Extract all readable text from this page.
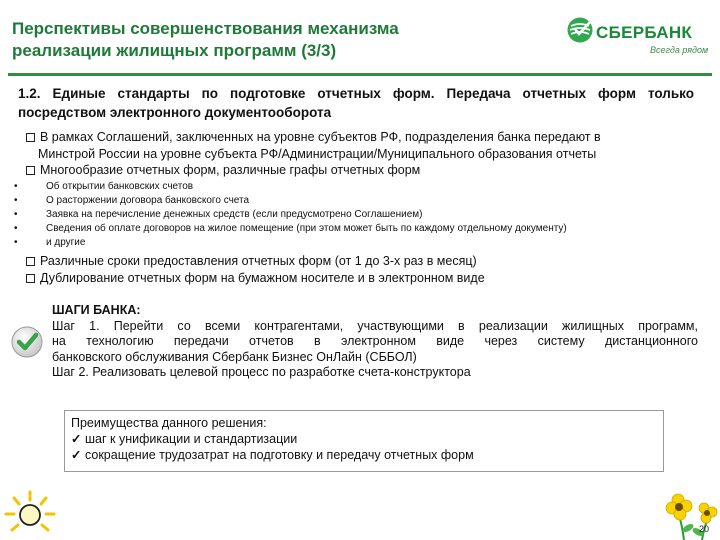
Перспективы совершенствования механизма
реализации жилищных программ (3/3)
СБЕРБАНК
Всегда рядом
1.2. Единые стандарты по подготовке отчетных форм. Передача отчетных форм только посредством электронного документооборота
В рамках Соглашений, заключенных на уровне субъектов РФ, подразделения банка передают в
Минстрой России на уровне субъекта РФ/Администрации/Муниципального образования отчеты
Многообразие отчетных форм, различные графы отчетных форм
•	Об открытии банковских счетов
•	О расторжении договора банковского счета
•	Заявка на перечисление денежных средств (если предусмотрено Соглашением)
•	Сведения об оплате договоров на жилое помещение (при этом может быть по каждому отдельному документу)
•	и другие
Различные сроки предоставления отчетных форм (от 1 до 3-х раз в месяц)
Дублирование отчетных форм на бумажном носителе и в электронном виде
ШАГИ БАНКА:
Шаг 1. Перейти со всеми контрагентами, участвующими в реализации жилищных программ,
на технологию передачи отчетов в электронном виде через систему дистанционного
банковского обслуживания Сбербанк Бизнес ОнЛайн (СББОЛ)
Шаг 2. Реализовать целевой процесс по разработке счета-конструктора
Преимущества данного решения:
✓ шаг к унификации и стандартизации
✓ сокращение трудозатрат на подготовку и передачу отчетных форм
20
